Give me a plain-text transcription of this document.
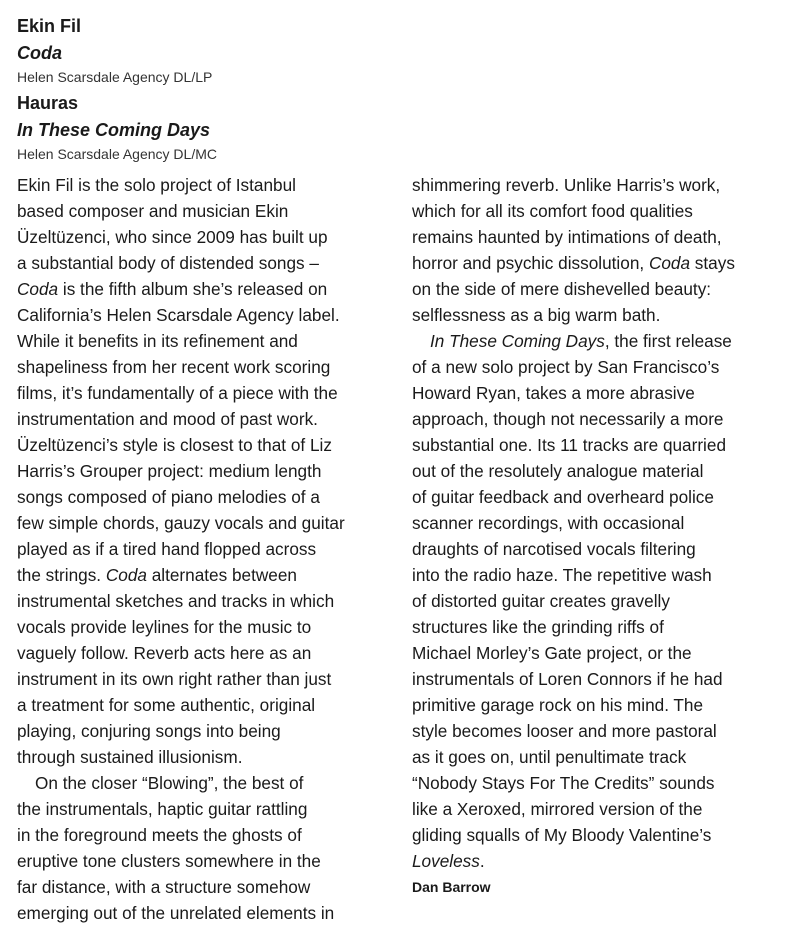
Ekin Fil
Coda
Helen Scarsdale Agency DL/LP
Hauras
In These Coming Days
Helen Scarsdale Agency DL/MC
Ekin Fil is the solo project of Istanbul
based composer and musician Ekin
Üzeltüzenci, who since 2009 has built up
a substantial body of distended songs –
Coda is the fifth album she’s released on
California’s Helen Scarsdale Agency label.
While it benefits in its refinement and
shapeliness from her recent work scoring
films, it’s fundamentally of a piece with the
instrumentation and mood of past work.
Üzeltüzenci’s style is closest to that of Liz
Harris’s Grouper project: medium length
songs composed of piano melodies of a
few simple chords, gauzy vocals and guitar
played as if a tired hand flopped across
the strings. Coda alternates between
instrumental sketches and tracks in which
vocals provide leylines for the music to
vaguely follow. Reverb acts here as an
instrument in its own right rather than just
a treatment for some authentic, original
playing, conjuring songs into being
through sustained illusionism.
On the closer “Blowing”, the best of
the instrumentals, haptic guitar rattling
in the foreground meets the ghosts of
eruptive tone clusters somewhere in the
far distance, with a structure somehow
emerging out of the unrelated elements in
shimmering reverb. Unlike Harris’s work,
which for all its comfort food qualities
remains haunted by intimations of death,
horror and psychic dissolution, Coda stays
on the side of mere dishevelled beauty:
selflessness as a big warm bath.
In These Coming Days, the first release
of a new solo project by San Francisco’s
Howard Ryan, takes a more abrasive
approach, though not necessarily a more
substantial one. Its 11 tracks are quarried
out of the resolutely analogue material
of guitar feedback and overheard police
scanner recordings, with occasional
draughts of narcotised vocals filtering
into the radio haze. The repetitive wash
of distorted guitar creates gravelly
structures like the grinding riffs of
Michael Morley’s Gate project, or the
instrumentals of Loren Connors if he had
primitive garage rock on his mind. The
style becomes looser and more pastoral
as it goes on, until penultimate track
“Nobody Stays For The Credits” sounds
like a Xeroxed, mirrored version of the
gliding squalls of My Bloody Valentine’s
Loveless.
Dan Barrow
